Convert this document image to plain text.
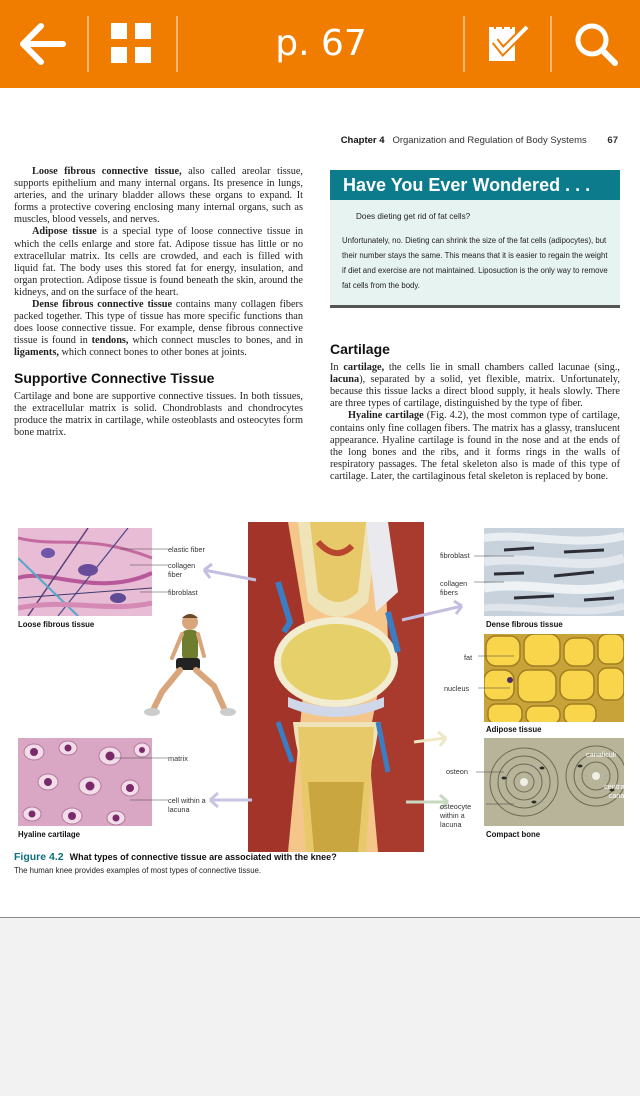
p. 67
Chapter 4 Organization and Regulation of Body Systems 67

Loose fibrous connective tissue, also called areolar tissue, supports epithelium and many internal organs. Its presence in lungs, arteries, and the urinary bladder allows these organs to expand. It forms a protective covering enclosing many internal organs, such as muscles, blood vessels, and nerves.

Adipose tissue is a special type of loose connective tissue in which the cells enlarge and store fat. Adipose tissue has little or no extracellular matrix. Its cells are crowded, and each is filled with liquid fat. The body uses this stored fat for energy, insulation, and organ protection. Adipose tissue is found beneath the skin, around the kidneys, and on the surface of the heart.

Dense fibrous connective tissue contains many collagen fibers packed together. This type of tissue has more specific functions than does loose connective tissue. For example, dense fibrous connective tissue is found in tendons, which connect muscles to bones, and in ligaments, which connect bones to other bones at joints.

Supportive Connective Tissue

Cartilage and bone are supportive connective tissues. In both tissues, the extracellular matrix is solid. Chondroblasts and chondrocytes produce the matrix in cartilage, while osteoblasts and osteocytes form bone matrix.

Have You Ever Wondered . . .
Does dieting get rid of fat cells?
Unfortunately, no. Dieting can shrink the size of the fat cells (adipocytes), but their number stays the same. This means that it is easier to regain the weight if diet and exercise are not maintained. Liposuction is the only way to remove fat cells from the body.
Cartilage

In cartilage, the cells lie in small chambers called lacunae (sing., lacuna), separated by a solid, yet flexible, matrix. Unfortunately, because this tissue lacks a direct blood supply, it heals slowly. There are three types of cartilage, distinguished by the type of fiber.

Hyaline cartilage (Fig. 4.2), the most common type of cartilage, contains only fine collagen fibers. The matrix has a glassy, translucent appearance. Hyaline cartilage is found in the nose and at the ends of the long bones and the ribs, and it forms rings in the walls of respiratory passages. The fetal skeleton also is made of this type of cartilage. Later, the cartilaginous fetal skeleton is replaced by bone.

elastic fiber
collagen fiber
fibroblast
Loose fibrous tissue
matrix
cell within a lacuna
Hyaline cartilage
fibroblast
collagen fibers
Dense fibrous tissue
fat
nucleus
Adipose tissue
osteon
canaliculi
central canal
osteocyte within a lacuna
Compact bone
Figure 4.2 What types of connective tissue are associated with the knee?
The human knee provides examples of most types of connective tissue.
